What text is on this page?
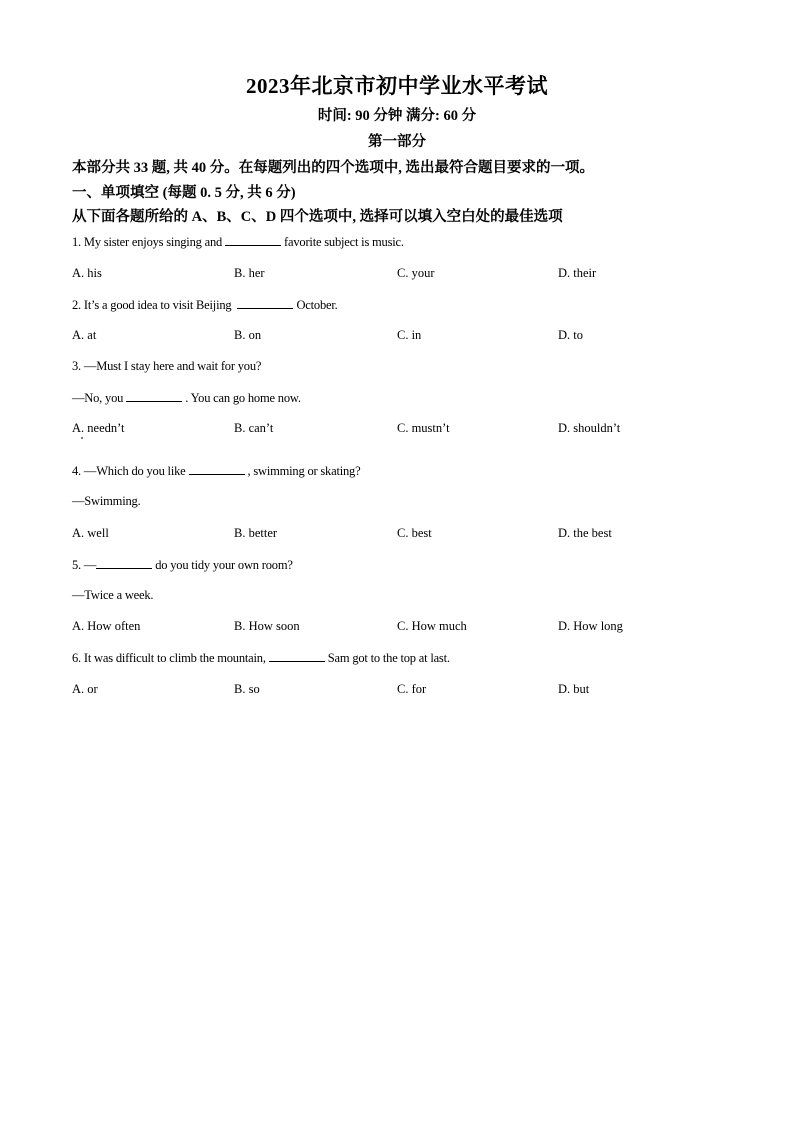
2023年北京市初中学业水平考试
时间: 90 分钟 满分: 60 分
第一部分
本部分共 33 题, 共 40 分。在每题列出的四个选项中, 选出最符合题目要求的一项。
一、单项填空 (每题 0. 5 分, 共 6 分)
从下面各题所给的 A、B、C、D 四个选项中, 选择可以填入空白处的最佳选项
1. My sister enjoys singing and	favorite subject is music.
A. his	B. her	C. your	D. their
2. It’s a good idea to visit Beijing	October.
A. at	B. on	C. in	D. to
3. —Must I stay here and wait for you?
—No, you	. You can go home now.
A. needn’t	B. can’t	C. mustn’t	D. shouldn’t
4. —Which do you like	, swimming or skating?
—Swimming.
A. well	B. better	C. best	D. the best
5. —	do you tidy your own room?
—Twice a week.
A. How often	B. How soon	C. How much	D. How long
6. It was difficult to climb the mountain,	Sam got to the top at last.
A. or	B. so	C. for	D. but
